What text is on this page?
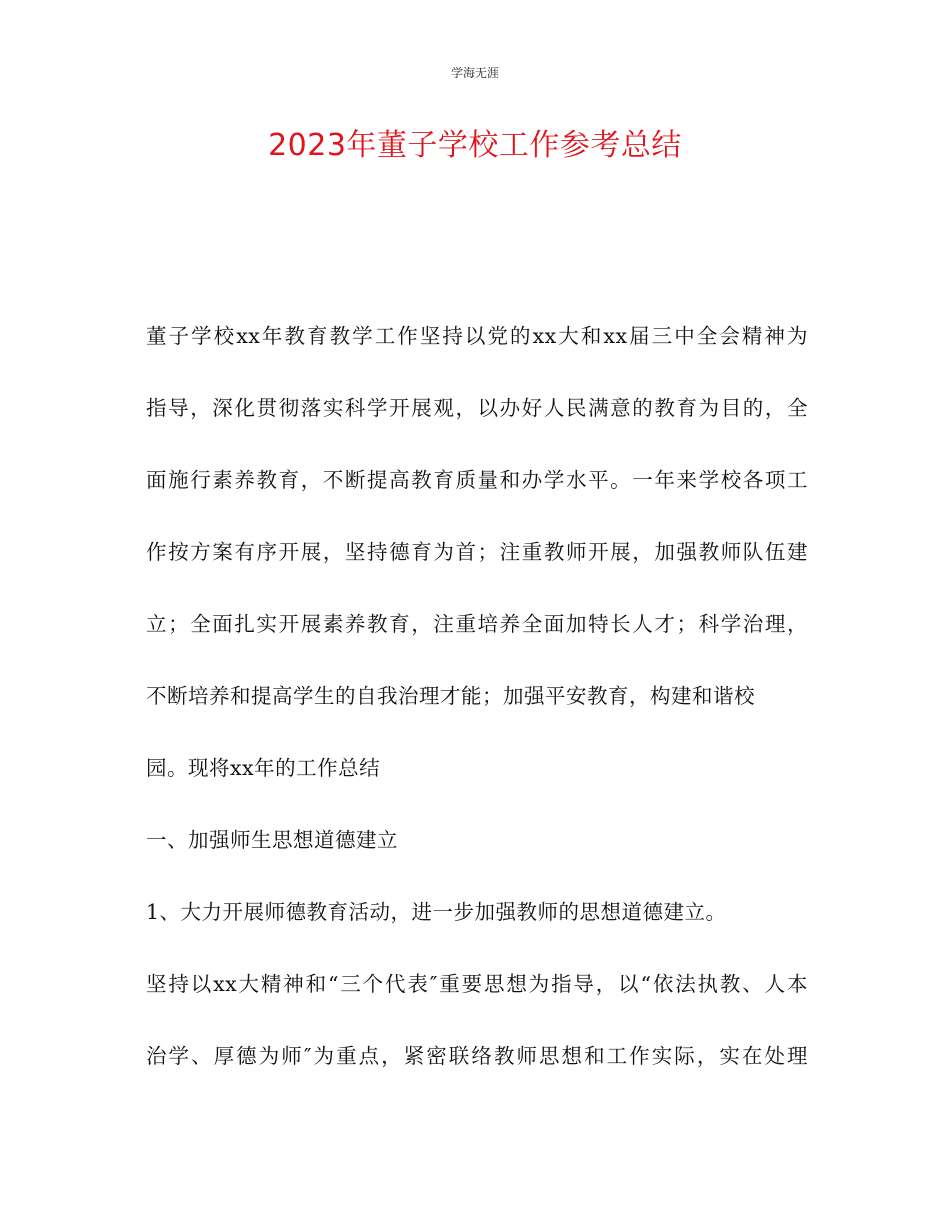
学海无涯
2023年董子学校工作参考总结
董子学校xx年教育教学工作坚持以党的xx大和xx届三中全会精神为
指导，深化贯彻落实科学开展观，以办好人民满意的教育为目的，全
面施行素养教育，不断提高教育质量和办学水平。一年来学校各项工
作按方案有序开展，坚持德育为首；注重教师开展，加强教师队伍建
立；全面扎实开展素养教育，注重培养全面加特长人才；科学治理，
不断培养和提高学生的自我治理才能；加强平安教育，构建和谐校
园。现将xx年的工作总结
一、加强师生思想道德建立
1、大力开展师德教育活动，进一步加强教师的思想道德建立。
坚持以xx大精神和“三个代表″重要思想为指导，以“依法执教、人本
治学、厚德为师″为重点，紧密联络教师思想和工作实际，实在处理
